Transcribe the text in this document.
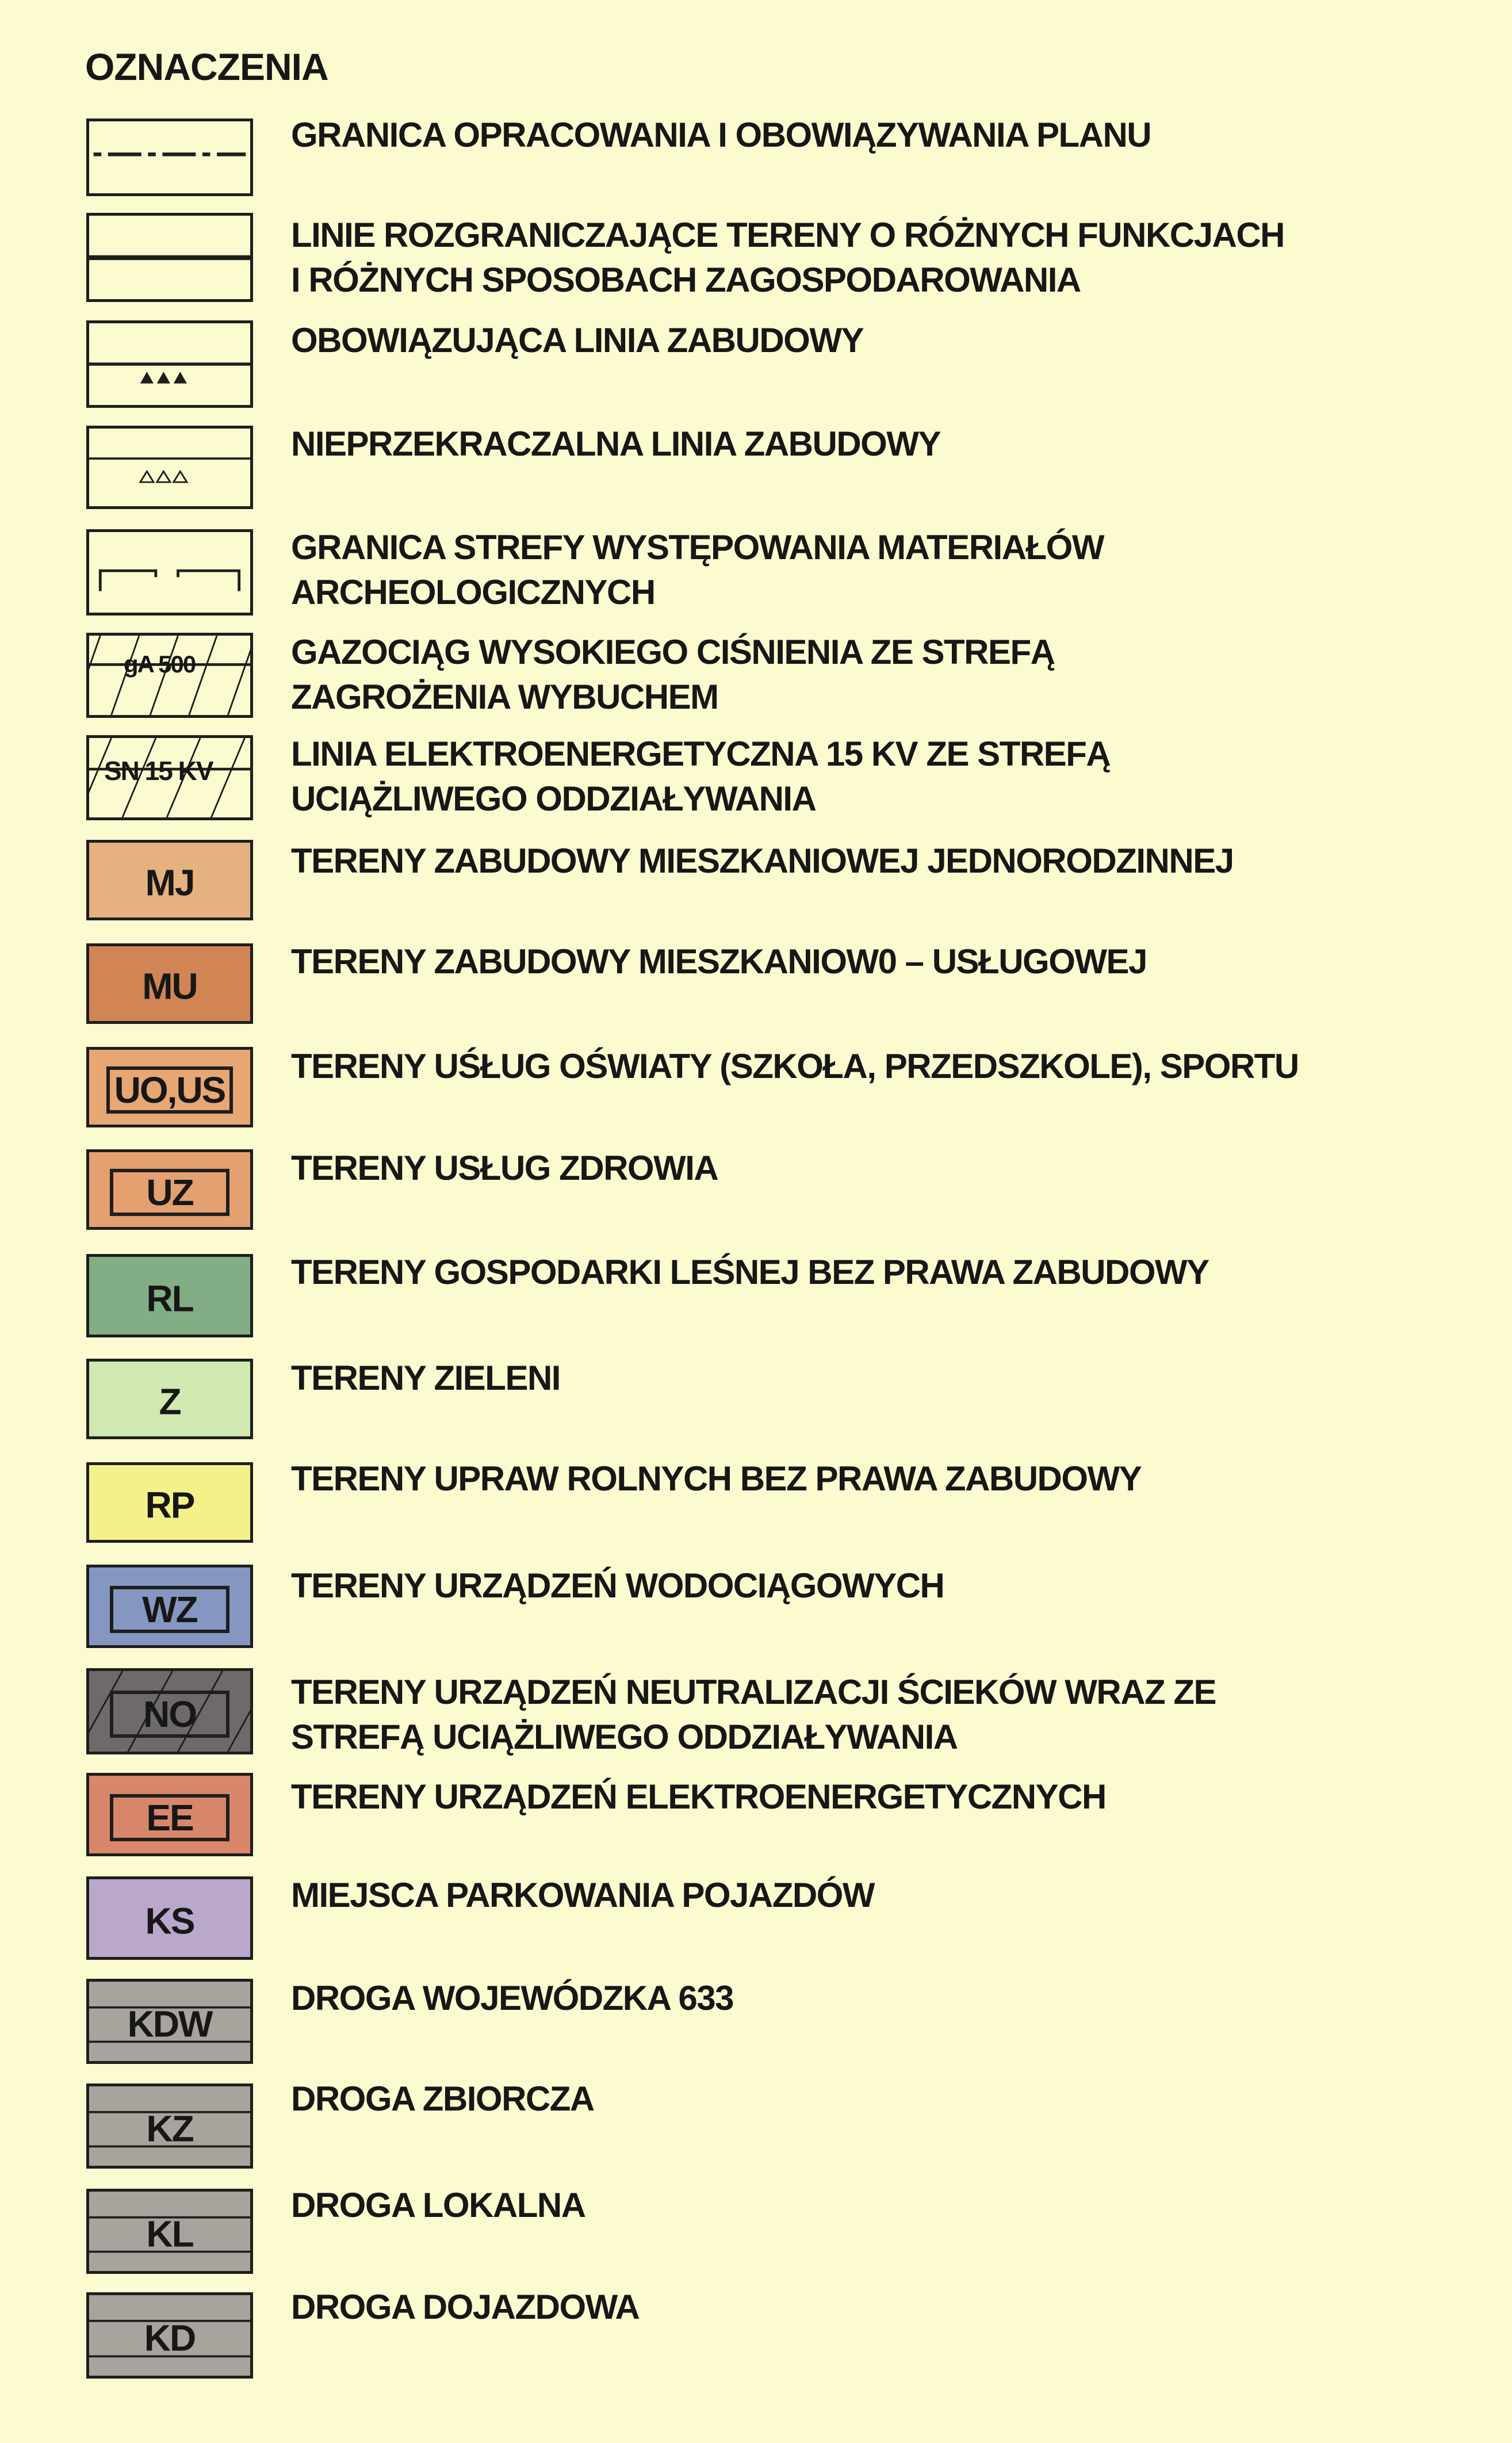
OZNACZENIA
GRANICA OPRACOWANIA I OBOWIĄZYWANIA PLANU
LINIE ROZGRANICZAJĄCE TERENY O RÓŻNYCH FUNKCJACH
I RÓŻNYCH SPOSOBACH ZAGOSPODAROWANIA
OBOWIĄZUJĄCA LINIA ZABUDOWY
NIEPRZEKRACZALNA LINIA ZABUDOWY
GRANICA STREFY WYSTĘPOWANIA MATERIAŁÓW
ARCHEOLOGICZNYCH
gA 500	GAZOCIĄG WYSOKIEGO CIŚNIENIA ZE STREFĄ
ZAGROŻENIA WYBUCHEM
SN 15 KV LINIA ELEKTROENERGETYCZNA 15 KV ZE STREFĄ
UCIĄŻLIWEGO ODDZIAŁYWANIA
MJ
TERENY ZABUDOWY MIESZKANIOWEJ JEDNORODZINNEJ
MU
TERENY ZABUDOWY MIESZKANIOW0 – USŁUGOWEJ
UO,US
TERENY UŚŁUG OŚWIATY (SZKOŁA, PRZEDSZKOLE), SPORTU
UZ
TERENY USŁUG ZDROWIA
RL
TERENY GOSPODARKI LEŚNEJ BEZ PRAWA ZABUDOWY
Z
TERENY ZIELENI
RP
TERENY UPRAW ROLNYCH BEZ PRAWA ZABUDOWY
WZ
TERENY URZĄDZEŃ WODOCIĄGOWYCH
NO
TERENY URZĄDZEŃ NEUTRALIZACJI ŚCIEKÓW WRAZ ZE
STREFĄ UCIĄŻLIWEGO ODDZIAŁYWANIA
EE	TERENY URZĄDZEŃ ELEKTROENERGETYCZNYCH
KS
MIEJSCA PARKOWANIA POJAZDÓW
KDW
DROGA WOJEWÓDZKA 633
KZ
DROGA ZBIORCZA
KL
DROGA LOKALNA
KD
DROGA DOJAZDOWA
